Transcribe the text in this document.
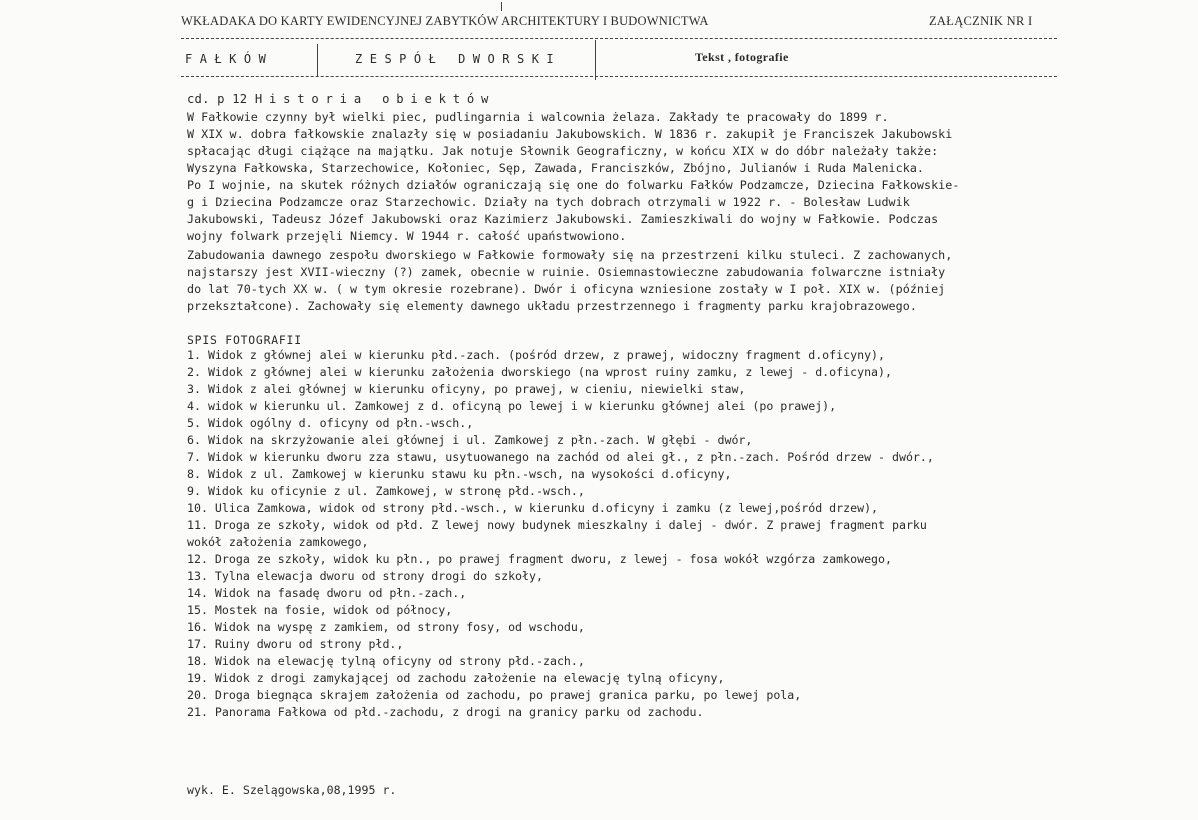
WKŁADAKA DO KARTY EWIDENCYJNEJ ZABYTKÓW ARCHITEKTURY I BUDOWNICTWA	ZAŁĄCZNIK NR I
FAŁKÓW	ZESPÓŁ DWORSKI	Tekst , fotografie
cd. p 12 Historia obiektów
W Fałkowie czynny był wielki piec, pudlingarnia i walcownia żelaza. Zakłady te pracowały do 1899 r.
W XIX w. dobra fałkowskie znalazły się w posiadaniu Jakubowskich. W 1836 r. zakupił je Franciszek Jakubowski
spłacając długi ciążące na majątku. Jak notuje Słownik Geograficzny, w końcu XIX w do dóbr należały także:
Wyszyna Fałkowska, Starzechowice, Kołoniec, Sęp, Zawada, Franciszków, Zbójno, Julianów i Ruda Malenicka.
Po I wojnie, na skutek różnych działów ograniczają się one do folwarku Fałków Podzamcze, Dziecina Fałkowskie-
g i Dziecina Podzamcze oraz Starzechowic. Działy na tych dobrach otrzymali w 1922 r. - Bolesław Ludwik
Jakubowski, Tadeusz Józef Jakubowski oraz Kazimierz Jakubowski. Zamieszkiwali do wojny w Fałkowie. Podczas
wojny folwark przejęli Niemcy. W 1944 r. całość upaństwowiono.
Zabudowania dawnego zespołu dworskiego w Fałkowie formowały się na przestrzeni kilku stuleci. Z zachowanych,
najstarszy jest XVII-wieczny (?) zamek, obecnie w ruinie. Osiemnastowieczne zabudowania folwarczne istniały
do lat 70-tych XX w. ( w tym okresie rozebrane). Dwór i oficyna wzniesione zostały w I poł. XIX w. (później
przekształcone). Zachowały się elementy dawnego układu przestrzennego i fragmenty parku krajobrazowego.
SPIS FOTOGRAFII
1. Widok z głównej alei w kierunku płd.-zach. (pośród drzew, z prawej, widoczny fragment d.oficyny),
2. Widok z głównej alei w kierunku założenia dworskiego (na wprost ruiny zamku, z lewej - d.oficyna),
3. Widok z alei głównej w kierunku oficyny, po prawej, w cieniu, niewielki staw,
4. widok w kierunku ul. Zamkowej z d. oficyną po lewej i w kierunku głównej alei (po prawej),
5. Widok ogólny d. oficyny od płn.-wsch.,
6. Widok na skrzyżowanie alei głównej i ul. Zamkowej z płn.-zach. W głębi - dwór,
7. Widok w kierunku dworu zza stawu, usytuowanego na zachód od alei gł., z płn.-zach. Pośród drzew - dwór.,
8. Widok z ul. Zamkowej w kierunku stawu ku płn.-wsch, na wysokości d.oficyny,
9. Widok ku oficynie z ul. Zamkowej, w stronę płd.-wsch.,
10. Ulica Zamkowa, widok od strony płd.-wsch., w kierunku d.oficyny i zamku (z lewej,pośród drzew),
11. Droga ze szkoły, widok od płd. Z lewej nowy budynek mieszkalny i dalej - dwór. Z prawej fragment parku
wokół założenia zamkowego,
12. Droga ze szkoły, widok ku płn., po prawej fragment dworu, z lewej - fosa wokół wzgórza zamkowego,
13. Tylna elewacja dworu od strony drogi do szkoły,
14. Widok na fasadę dworu od płn.-zach.,
15. Mostek na fosie, widok od północy,
16. Widok na wyspę z zamkiem, od strony fosy, od wschodu,
17. Ruiny dworu od strony płd.,
18. Widok na elewację tylną oficyny od strony płd.-zach.,
19. Widok z drogi zamykającej od zachodu założenie na elewację tylną oficyny,
20. Droga biegnąca skrajem założenia od zachodu, po prawej granica parku, po lewej pola,
21. Panorama Fałkowa od płd.-zachodu, z drogi na granicy parku od zachodu.
wyk. E. Szelągowska,08,1995 r.
